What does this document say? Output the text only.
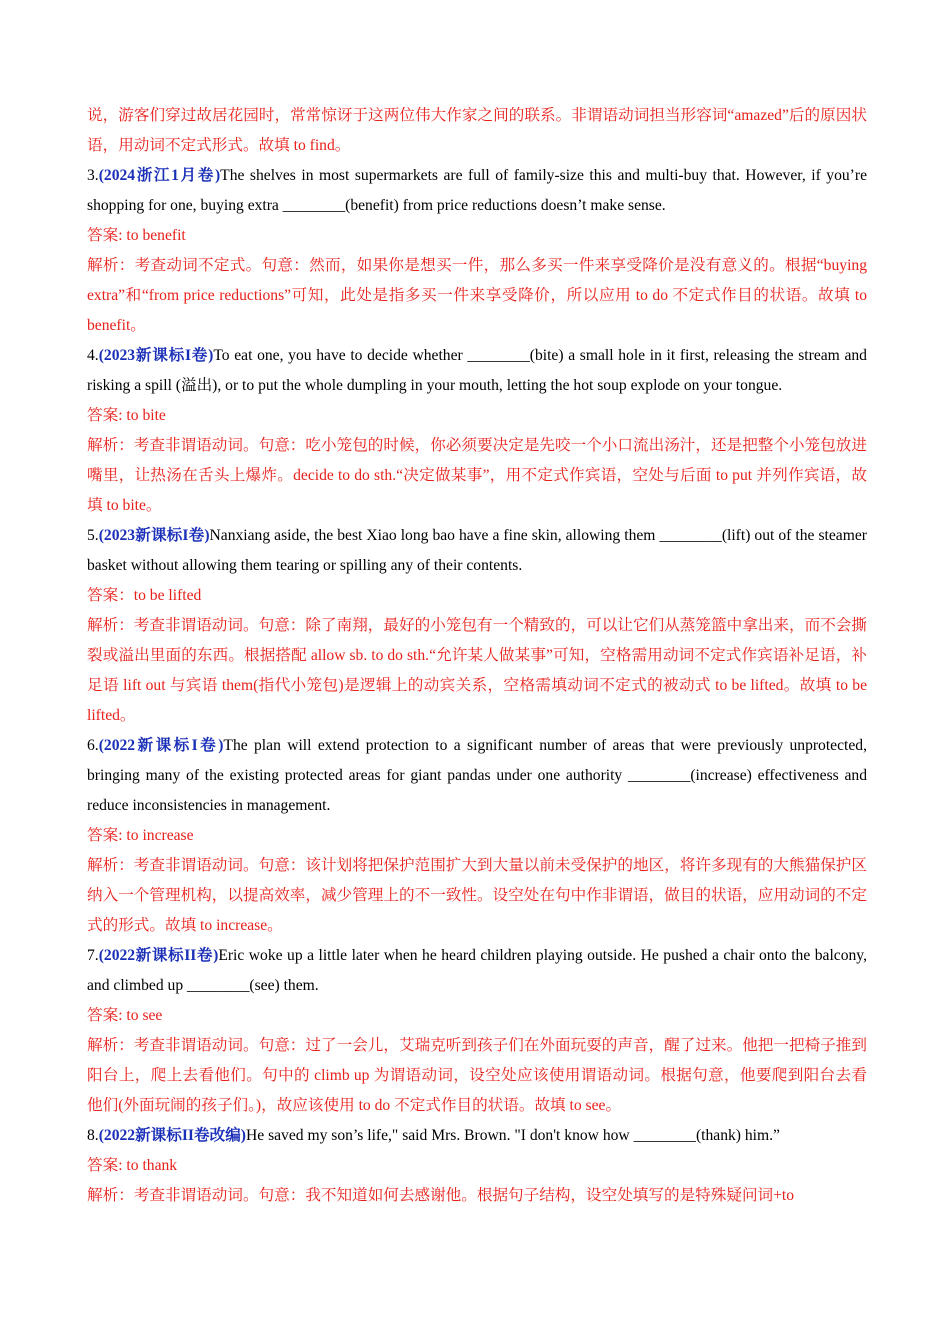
说，游客们穿过故居花园时，常常惊讶于这两位伟大作家之间的联系。非谓语动词担当形容词“amazed”后的原因状语，用动词不定式形式。故填 to find。

3.(2024浙江1月卷)The shelves in most supermarkets are full of family-size this and multi-buy that. However, if you’re shopping for one, buying extra ________(benefit) from price reductions doesn’t make sense.

答案: to benefit

解析：考查动词不定式。句意：然而，如果你是想买一件，那么多买一件来享受降价是没有意义的。根据“buying extra”和“from price reductions”可知，此处是指多买一件来享受降价，所以应用 to do 不定式作目的状语。故填 to benefit。

4.(2023新课标I卷)To eat one, you have to decide whether ________(bite) a small hole in it first, releasing the stream and risking a spill (溢出), or to put the whole dumpling in your mouth, letting the hot soup explode on your tongue.

答案: to bite

解析：考查非谓语动词。句意：吃小笼包的时候，你必须要决定是先咬一个小口流出汤汁，还是把整个小笼包放进嘴里，让热汤在舌头上爆炸。decide to do sth.“决定做某事”，用不定式作宾语，空处与后面 to put 并列作宾语，故填 to bite。

5.(2023新课标I卷)Nanxiang aside, the best Xiao long bao have a fine skin, allowing them ________(lift) out of the steamer basket without allowing them tearing or spilling any of their contents.

答案：to be lifted

解析：考查非谓语动词。句意：除了南翔，最好的小笼包有一个精致的，可以让它们从蒸笼篮中拿出来，而不会撕裂或溢出里面的东西。根据搭配 allow sb. to do sth.“允许某人做某事”可知，空格需用动词不定式作宾语补足语，补足语 lift out 与宾语 them(指代小笼包)是逻辑上的动宾关系，空格需填动词不定式的被动式 to be lifted。故填 to be lifted。

6.(2022新课标I卷)The plan will extend protection to a significant number of areas that were previously unprotected, bringing many of the existing protected areas for giant pandas under one authority ________(increase) effectiveness and reduce inconsistencies in management.

答案: to increase

解析：考查非谓语动词。句意：该计划将把保护范围扩大到大量以前未受保护的地区，将许多现有的大熊猫保护区纳入一个管理机构，以提高效率，减少管理上的不一致性。设空处在句中作非谓语，做目的状语，应用动词的不定式的形式。故填 to increase。

7.(2022新课标II卷)Eric woke up a little later when he heard children playing outside. He pushed a chair onto the balcony, and climbed up ________(see) them.

答案: to see

解析：考查非谓语动词。句意：过了一会儿，艾瑞克听到孩子们在外面玩耍的声音，醒了过来。他把一把椅子推到阳台上，爬上去看他们。句中的 climb up 为谓语动词，设空处应该使用谓语动词。根据句意，他要爬到阳台去看他们(外面玩闹的孩子们。)，故应该使用 to do 不定式作目的状语。故填 to see。

8.(2022新课标II卷改编)He saved my son’s life," said Mrs. Brown. "I don't know how ________(thank) him.”

答案: to thank

解析：考查非谓语动词。句意：我不知道如何去感谢他。根据句子结构，设空处填写的是特殊疑问词+to
